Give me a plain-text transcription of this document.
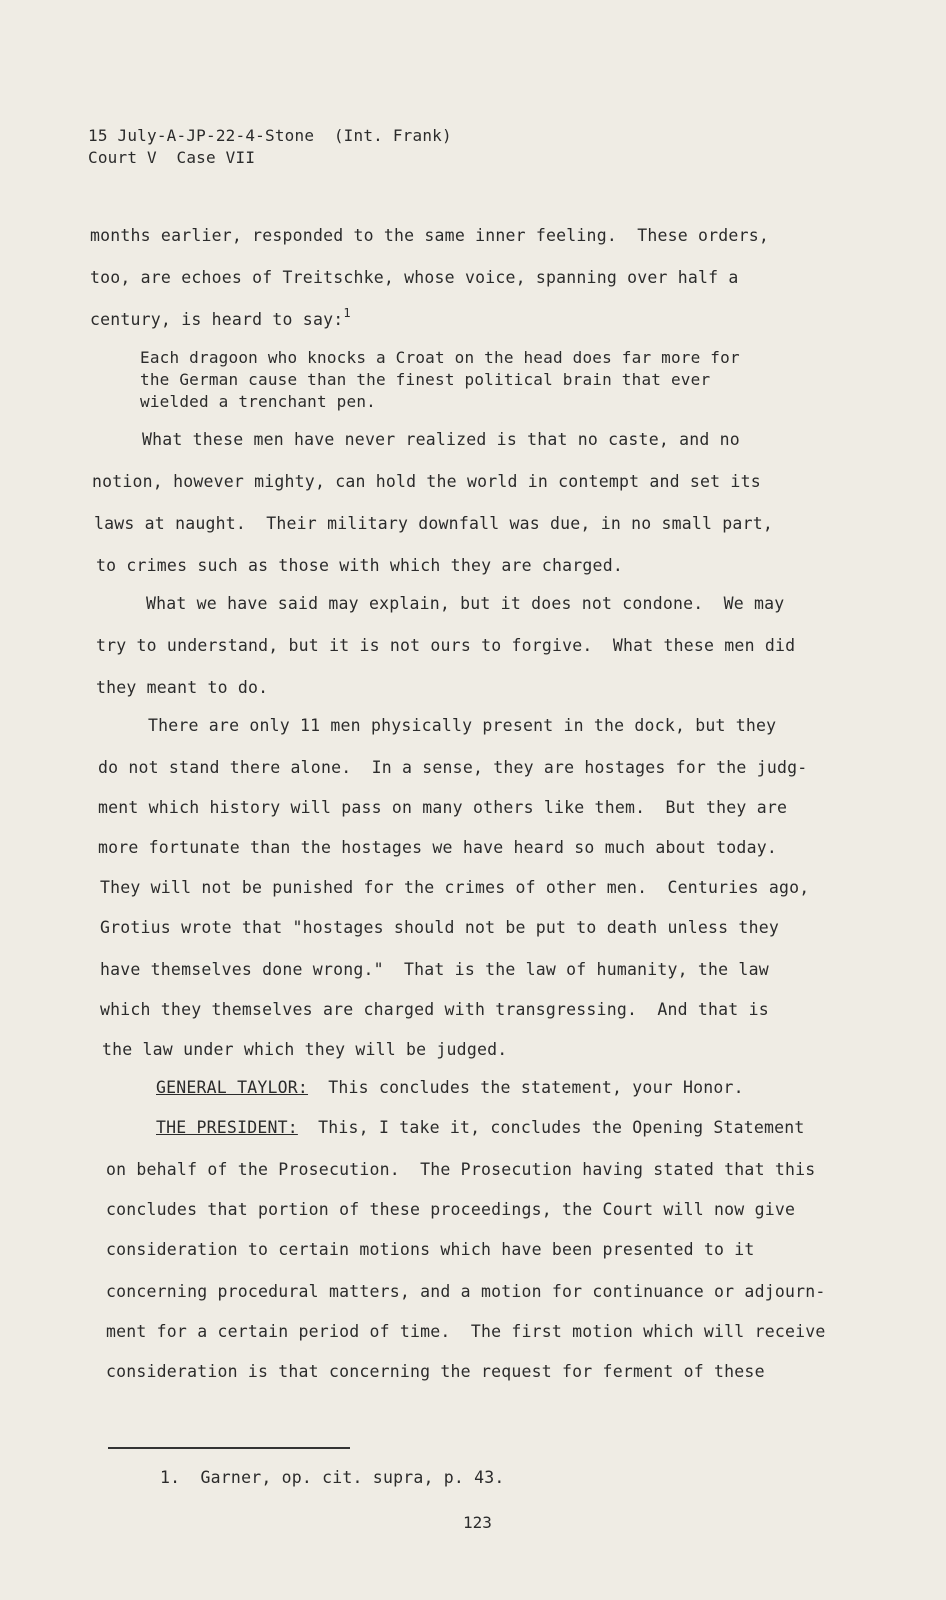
15 July-A-JP-22-4-Stone  (Int. Frank)
Court V  Case VII
months earlier, responded to the same inner feeling.  These orders,
too, are echoes of Treitschke, whose voice, spanning over half a
century, is heard to say:$^1$
Each dragoon who knocks a Croat on the head does far more for
the German cause than the finest political brain that ever
wielded a trenchant pen.
What these men have never realized is that no caste, and no
notion, however mighty, can hold the world in contempt and set its
laws at naught.  Their military downfall was due, in no small part,
to crimes such as those with which they are charged.
What we have said may explain, but it does not condone.  We may
try to understand, but it is not ours to forgive.  What these men did
they meant to do.
There are only 11 men physically present in the dock, but they
do not stand there alone.  In a sense, they are hostages for the judg-
ment which history will pass on many others like them.  But they are
more fortunate than the hostages we have heard so much about today.
They will not be punished for the crimes of other men.  Centuries ago,
Grotius wrote that "hostages should not be put to death unless they
have themselves done wrong."  That is the law of humanity, the law
which they themselves are charged with transgressing.  And that is
the law under which they will be judged.
GENERAL TAYLOR:  This concludes the statement, your Honor.
THE PRESIDENT:  This, I take it, concludes the Opening Statement
on behalf of the Prosecution.  The Prosecution having stated that this
concludes that portion of these proceedings, the Court will now give
consideration to certain motions which have been presented to it
concerning procedural matters, and a motion for continuance or adjourn-
ment for a certain period of time.  The first motion which will receive
consideration is that concerning the request for ferment of these
1.  Garner, op. cit. supra, p. 43.
123
